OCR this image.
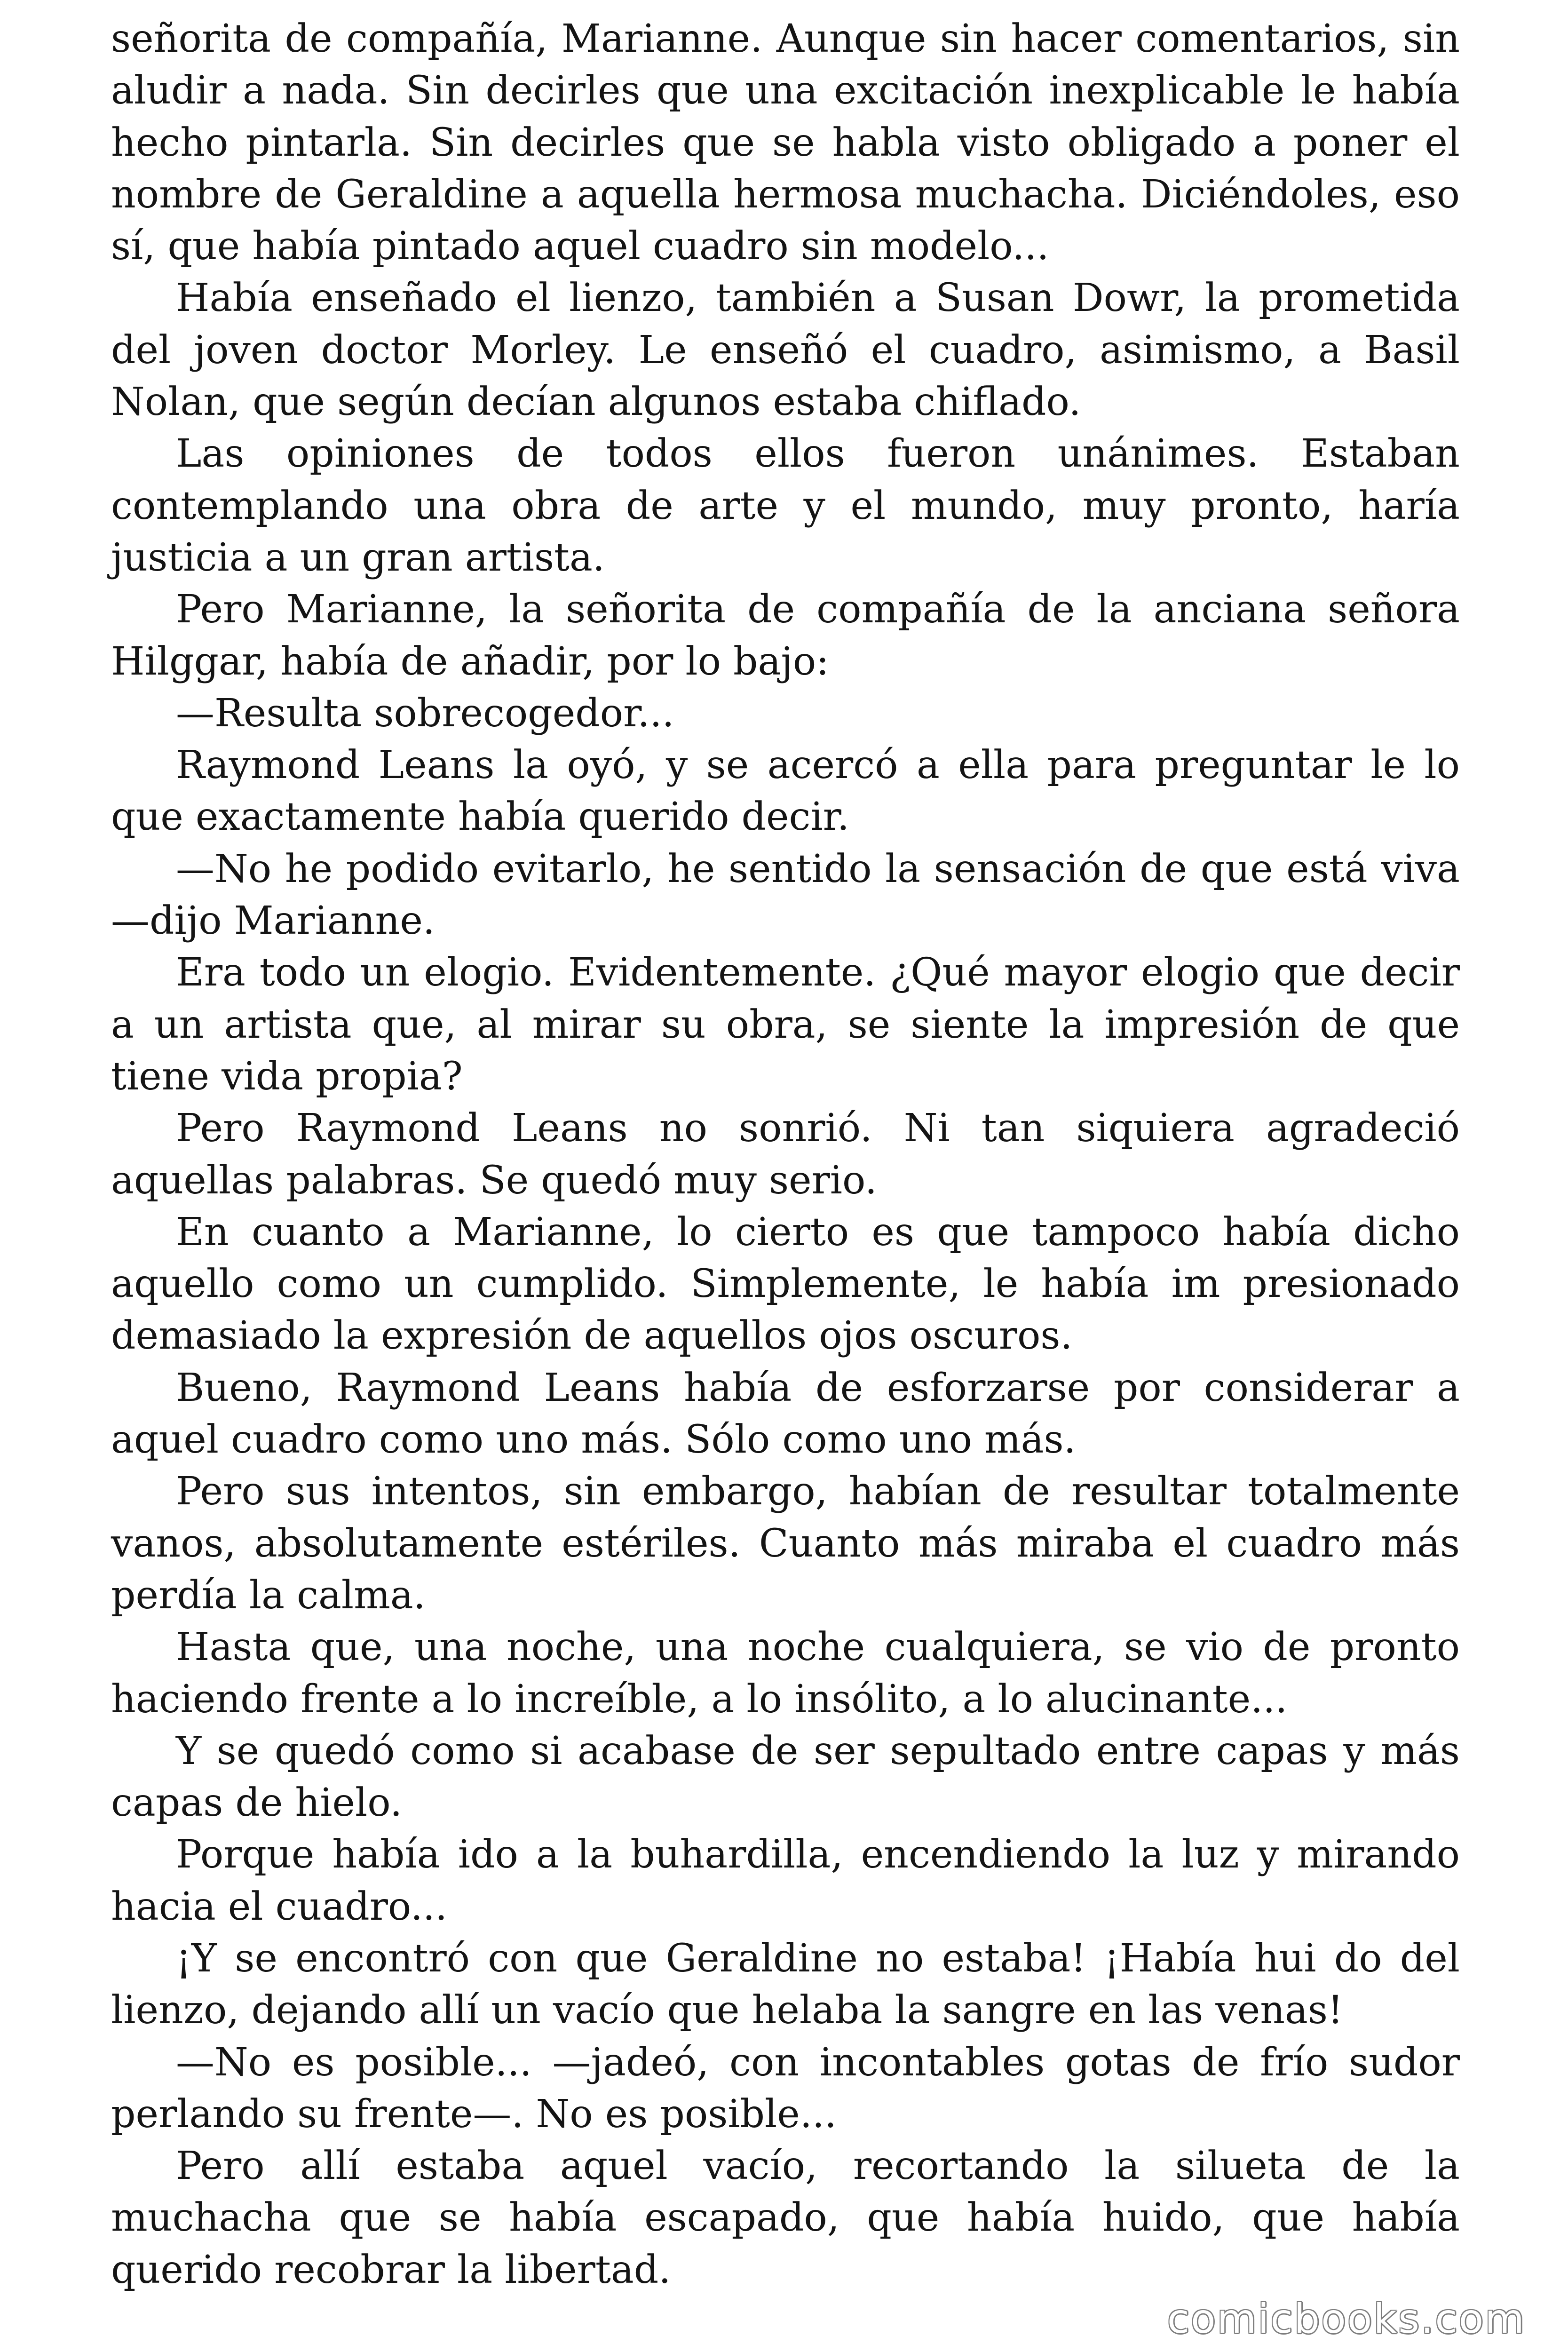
señorita de compañía, Marianne. Aunque sin hacer comentarios, sin aludir a nada. Sin decirles que una excitación inexplicable le había hecho pintarla. Sin decirles que se habla visto obligado a poner el nombre de Geraldine a aquella hermosa muchacha. Diciéndoles, eso sí, que había pintado aquel cuadro sin modelo...

Había enseñado el lienzo, también a Susan Dowr, la prometida del joven doctor Morley. Le enseñó el cuadro, asimismo, a Basil Nolan, que según decían algunos estaba chiflado.

Las opiniones de todos ellos fueron unánimes. Estaban contemplando una obra de arte y el mundo, muy pronto, haría justicia a un gran artista.

Pero Marianne, la señorita de compañía de la anciana señora Hilggar, había de añadir, por lo bajo:

—Resulta sobrecogedor...

Raymond Leans la oyó, y se acercó a ella para preguntar le lo que exactamente había querido decir.

—No he podido evitarlo, he sentido la sensación de que está viva —dijo Marianne.

Era todo un elogio. Evidentemente. ¿Qué mayor elogio que decir a un artista que, al mirar su obra, se siente la impresión de que tiene vida propia?

Pero Raymond Leans no sonrió. Ni tan siquiera agradeció aquellas palabras. Se quedó muy serio.

En cuanto a Marianne, lo cierto es que tampoco había dicho aquello como un cumplido. Simplemente, le había im presionado demasiado la expresión de aquellos ojos oscuros.

Bueno, Raymond Leans había de esforzarse por considerar a aquel cuadro como uno más. Sólo como uno más.

Pero sus intentos, sin embargo, habían de resultar totalmente vanos, absolutamente estériles. Cuanto más miraba el cuadro más perdía la calma.

Hasta que, una noche, una noche cualquiera, se vio de pronto haciendo frente a lo increíble, a lo insólito, a lo alucinante...

Y se quedó como si acabase de ser sepultado entre capas y más capas de hielo.

Porque había ido a la buhardilla, encendiendo la luz y mirando hacia el cuadro...

¡Y se encontró con que Geraldine no estaba! ¡Había hui do del lienzo, dejando allí un vacío que helaba la sangre en las venas!

—No es posible... —jadeó, con incontables gotas de frío sudor perlando su frente—. No es posible...

Pero allí estaba aquel vacío, recortando la silueta de la muchacha que se había escapado, que había huido, que había querido recobrar la libertad.

comicbooks.com
